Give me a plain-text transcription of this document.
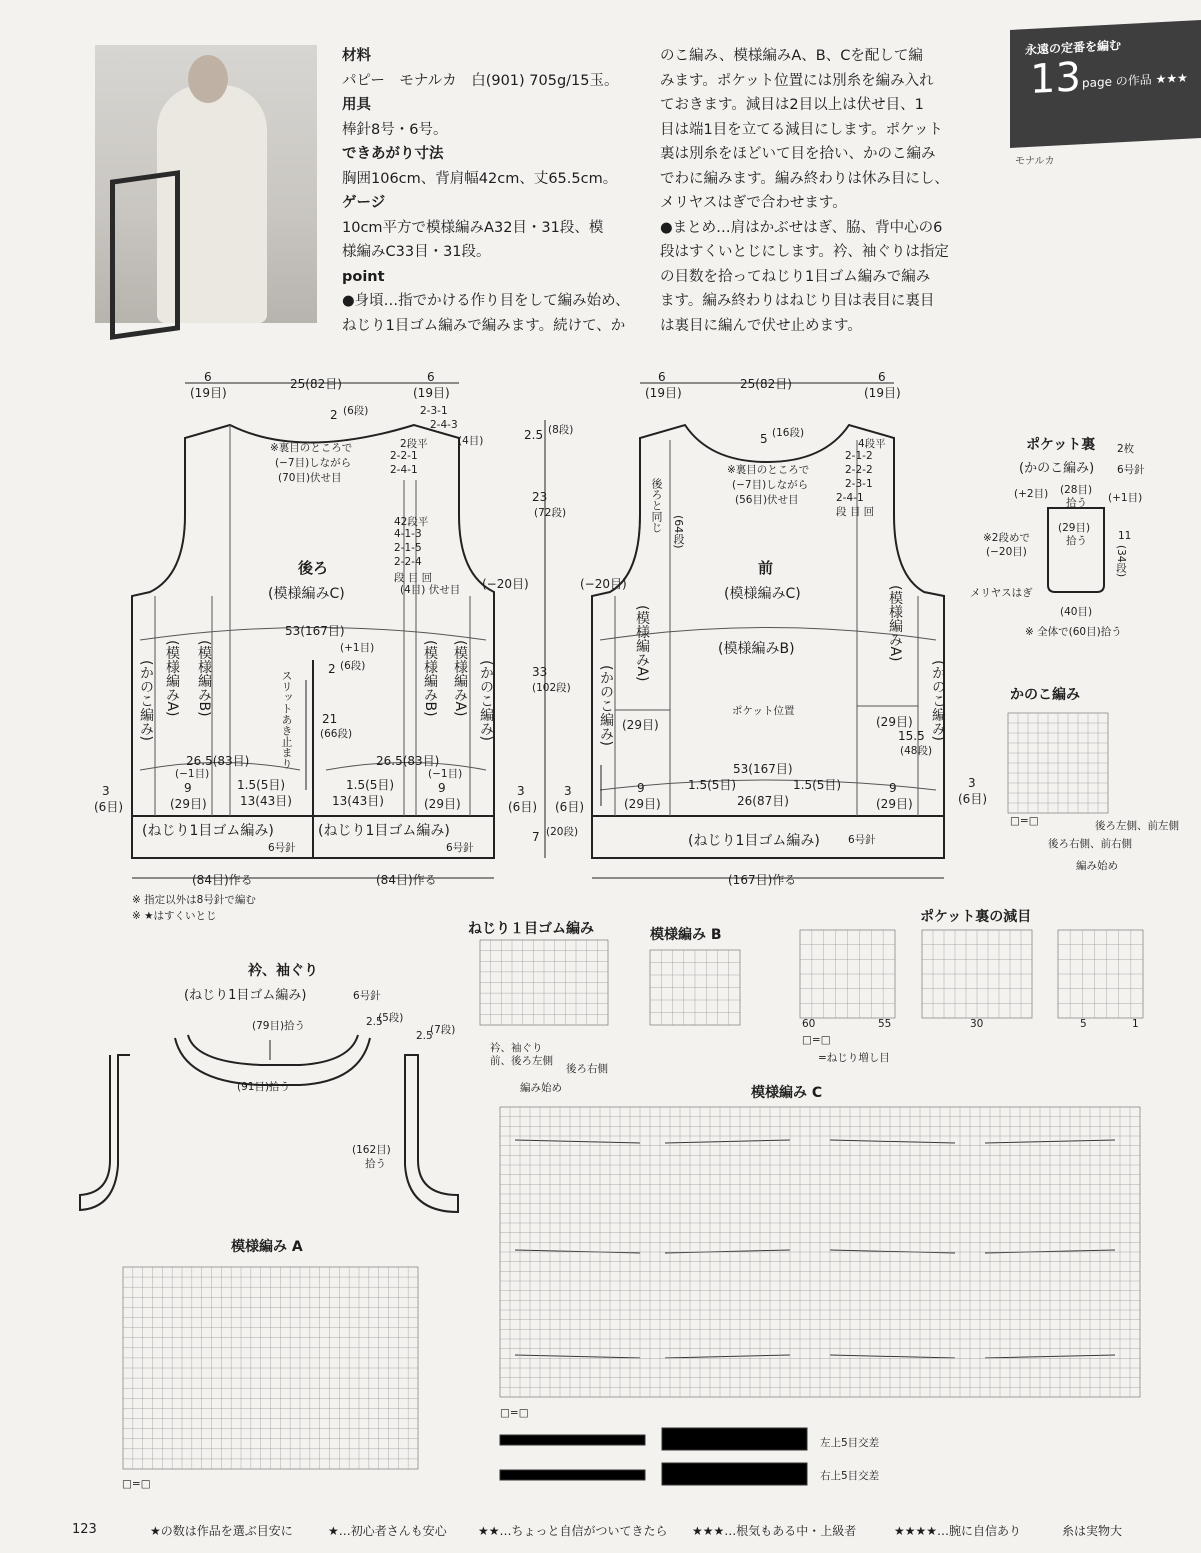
材料
パピー　モナルカ　白(901) 705g/15玉。
用具
棒針8号・6号。
できあがり寸法
胸囲106cm、背肩幅42cm、丈65.5cm。
ゲージ
10cm平方で模様編みA32目・31段、模
様編みC33目・31段。
point
●身頃…指でかける作り目をして編み始め、
ねじり1目ゴム編みで編みます。続けて、か
のこ編み、模様編みA、B、Cを配して編
みます。ポケット位置には別糸を編み入れ
ておきます。減目は2目以上は伏せ目、1
目は端1目を立てる減目にします。ポケット
裏は別糸をほどいて目を拾い、かのこ編み
でわに編みます。編み終わりは休み目にし、
メリヤスはぎで合わせます。
●まとめ…肩はかぶせはぎ、脇、背中心の6
段はすくいとじにします。衿、袖ぐりは指定
の目数を拾ってねじり1目ゴム編みで編み
ます。編み終わりはねじり目は表目に裏目
は裏目に編んで伏せ止めます。
永遠の定番を編む
13 page の作品 ★★★
モナルカ
25(82目)
6
(19目)
6
(19目)
2 (6段)
※裏目のところで
(−7目)しながら
(70目)伏せ目
2-3-1
2-4-3
(4目)
2段平
2-2-1
2-4-1
42段平
4-1-3
2-1-5
2-2-4
段 目 回
(4目) 伏せ目 (−20目)
後ろ
(模様編みC)
53(167目)
(+1目)
2 (6段)
(かのこ編み) (模様編みA) (模様編みB)	(模様編みB) (模様編みA) (かのこ編み)
スリットあき止まり 21
(66段)
26.5(83目)	26.5(83目)
(−1目)	(−1目)
1.5(5目)	1.5(5目)
9	9
(29目)	(29目)
13(43目)	13(43目)
3
(6目)
3
(6目)
(ねじり1目ゴム編み)	(ねじり1目ゴム編み)
6号針	6号針
(84目)作る	(84目)作る
※ 指定以外は8号針で編む
※ ★はすくいとじ
2.5 (8段)
23
(72段)
33
(102段)
7 (20段)
25(82目)
6
(19目)
6
(19目)
5 (16段)
※裏目のところで
(−7目)しながら
(56目)伏せ目
4段平
2-1-2
2-2-2
2-3-1
2-4-1
段 目 回
後ろと同じ (64段)
(−20目)
前
(模様編みC)
(模様編みB)
(模様編みA)	(模様編みA)
(かのこ編み)	(かのこ編み)
ポケット位置
(29目)	(29目)
15.5
(48段)
53(167目)
1.5(5目)	1.5(5目)
26(87目)
9
(29目)
9
(29目)
3
(6目)
3
(6目)
(ねじり1目ゴム編み)	6号針
(167目)作る
ポケット裏 2枚
(かのこ編み) 6号針
(+2目) (28目)
拾う (+1目)
(29目)
拾う
※2段めで
(−20目)
11
(34段)
メリヤスはぎ
(40目)
※ 全体で(60目)拾う
かのこ編み
□=□	後ろ左側、前左側
後ろ右側、前右側
編み始め
衿、袖ぐり
(ねじり1目ゴム編み)	6号針
(79目)拾う
(91目)拾う
(162目)
拾う
2.5
(5段)
2.5
(7段)
ねじり１目ゴム編み
衿、袖ぐり
前、後ろ左側
後ろ右側
編み始め
模様編み B
ポケット裏の減目
60	55	30	5	1
□=□
=ねじり増し目
模様編み C
□=□
左上5目交差
右上5目交差
模様編み A
□=□
123	★の数は作品を選ぶ目安に	★…初心者さんも安心	★★…ちょっと自信がついてきたら ★★★…根気もある中・上級者	★★★★…腕に自信あり	糸は実物大
